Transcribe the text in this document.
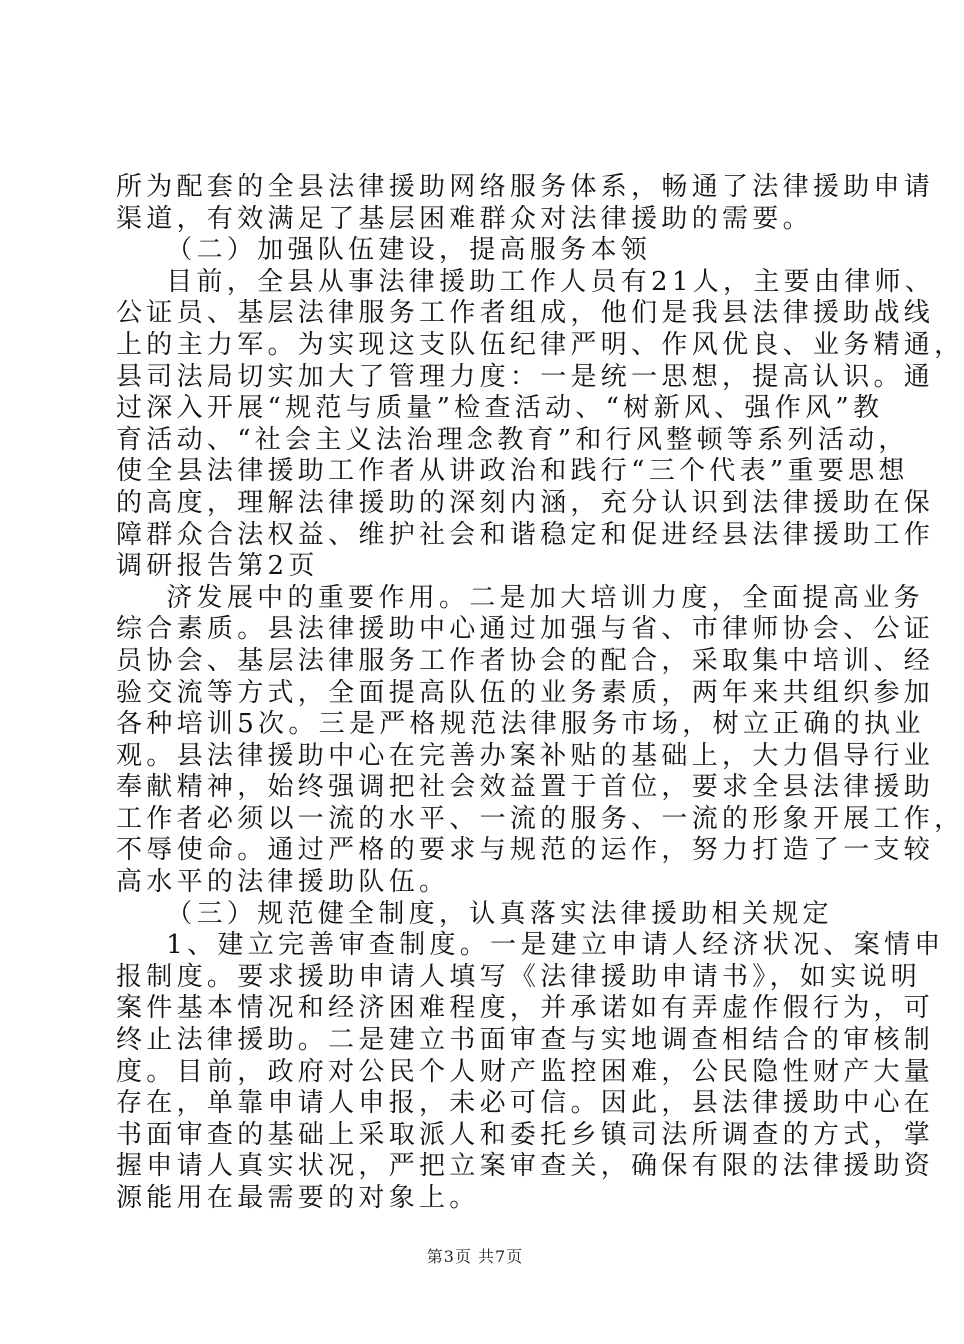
所为配套的全县法律援助网络服务体系，畅通了法律援助申请
渠道，有效满足了基层困难群众对法律援助的需要。
（二）加强队伍建设，提高服务本领
目前，全县从事法律援助工作人员有21人，主要由律师、
公证员、基层法律服务工作者组成，他们是我县法律援助战线
上的主力军。为实现这支队伍纪律严明、作风优良、业务精通，
县司法局切实加大了管理力度：一是统一思想，提高认识。通
过深入开展“规范与质量”检查活动、“树新风、强作风”教
育活动、“社会主义法治理念教育”和行风整顿等系列活动，
使全县法律援助工作者从讲政治和践行“三个代表”重要思想
的高度，理解法律援助的深刻内涵，充分认识到法律援助在保
障群众合法权益、维护社会和谐稳定和促进经县法律援助工作
调研报告第2页
济发展中的重要作用。二是加大培训力度，全面提高业务
综合素质。县法律援助中心通过加强与省、市律师协会、公证
员协会、基层法律服务工作者协会的配合，采取集中培训、经
验交流等方式，全面提高队伍的业务素质，两年来共组织参加
各种培训5次。三是严格规范法律服务市场，树立正确的执业
观。县法律援助中心在完善办案补贴的基础上，大力倡导行业
奉献精神，始终强调把社会效益置于首位，要求全县法律援助
工作者必须以一流的水平、一流的服务、一流的形象开展工作，
不辱使命。通过严格的要求与规范的运作，努力打造了一支较
高水平的法律援助队伍。
（三）规范健全制度，认真落实法律援助相关规定
1、建立完善审查制度。一是建立申请人经济状况、案情申
报制度。要求援助申请人填写《法律援助申请书》，如实说明
案件基本情况和经济困难程度，并承诺如有弄虚作假行为，可
终止法律援助。二是建立书面审查与实地调查相结合的审核制
度。目前，政府对公民个人财产监控困难，公民隐性财产大量
存在，单靠申请人申报，未必可信。因此，县法律援助中心在
书面审查的基础上采取派人和委托乡镇司法所调查的方式，掌
握申请人真实状况，严把立案审查关，确保有限的法律援助资
源能用在最需要的对象上。
第3页 共7页
